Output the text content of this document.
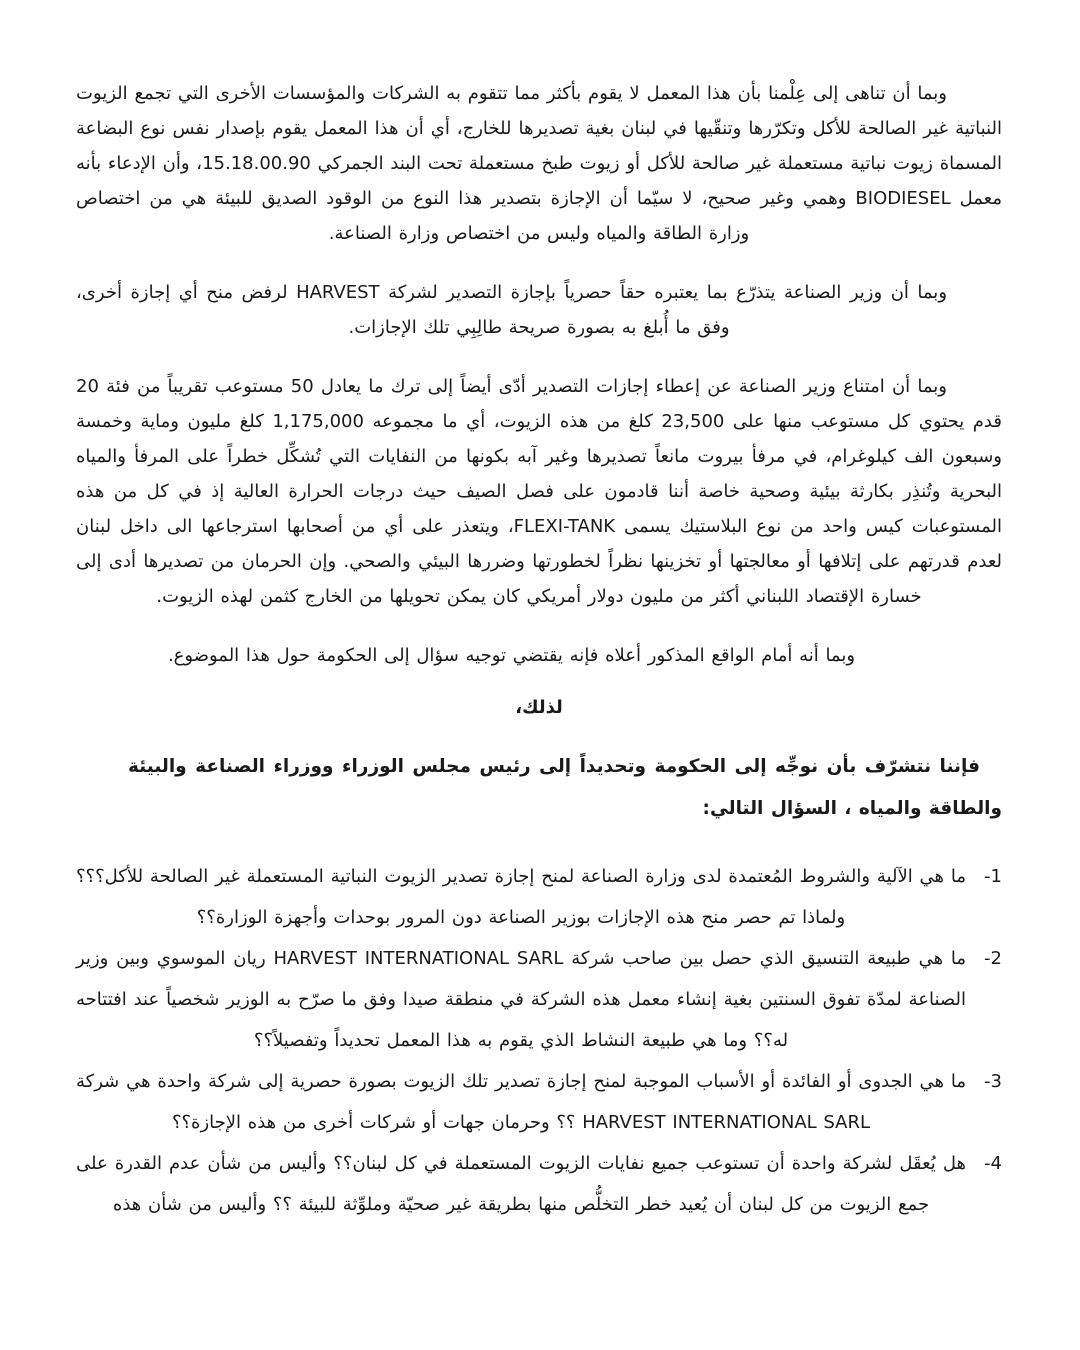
وبما أن تناهى إلى عِلْمنا بأن هذا المعمل لا يقوم بأكثر مما تتقوم به الشركات والمؤسسات الأخرى التي تجمع الزيوت النباتية غير الصالحة للأكل وتكرّرها وتنقّيها في لبنان بغية تصديرها للخارج، أي أن هذا المعمل يقوم بإصدار نفس نوع البضاعة المسماة زيوت نباتية مستعملة غير صالحة للأكل أو زيوت طبخ مستعملة تحت البند الجمركي 15.18.00.90، وأن الإدعاء بأنه معمل BIODIESEL وهمي وغير صحيح، لا سيّما أن الإجازة بتصدير هذا النوع من الوقود الصديق للبيئة هي من اختصاص وزارة الطاقة والمياه وليس من اختصاص وزارة الصناعة.

وبما أن وزير الصناعة يتذرّع بما يعتبره حقاً حصرياً بإجازة التصدير لشركة HARVEST لرفض منح أي إجازة أخرى، وفق ما أُبلغ به بصورة صريحة طالِبِي تلك الإجازات.

وبما أن امتناع وزير الصناعة عن إعطاء إجازات التصدير أدّى أيضاً إلى ترك ما يعادل 50 مستوعب تقريباً من فئة 20 قدم يحتوي كل مستوعب منها على 23,500 كلغ من هذه الزيوت، أي ما مجموعه 1,175,000 كلغ مليون وماية وخمسة وسبعون الف كيلوغرام، في مرفأ بيروت مانعاً تصديرها وغير آبه بكونها من النفايات التي تُشكِّل خطراً على المرفأ والمياه البحرية وتُنذِر بكارثة بيئية وصحية خاصة أننا قادمون على فصل الصيف حيث درجات الحرارة العالية إذ في كل من هذه المستوعبات كيس واحد من نوع البلاستيك يسمى FLEXI-TANK، ويتعذر على أي من أصحابها استرجاعها الى داخل لبنان لعدم قدرتهم على إتلافها أو معالجتها أو تخزينها نظراً لخطورتها وضررها البيئي والصحي. وإن الحرمان من تصديرها أدى إلى خسارة الإقتصاد اللبناني أكثر من مليون دولار أمريكي كان يمكن تحويلها من الخارج كثمن لهذه الزيوت.

وبما أنه أمام الواقع المذكور أعلاه فإنه يقتضي توجيه سؤال إلى الحكومة حول هذا الموضوع.

لذلك،

فإننا نتشرّف بأن نوجِّه إلى الحكومة وتحديداً إلى رئيس مجلس الوزراء ووزراء الصناعة والبيئة والطاقة والمياه ، السؤال التالي:

1-
ما هي الآلية والشروط المُعتمدة لدى وزارة الصناعة لمنح إجازة تصدير الزيوت النباتية المستعملة غير الصالحة للأكل؟؟؟ ولماذا تم حصر منح هذه الإجازات بوزير الصناعة دون المرور بوحدات وأجهزة الوزارة؟؟
2-
ما هي طبيعة التنسيق الذي حصل بين صاحب شركة HARVEST INTERNATIONAL SARL ريان الموسوي وبين وزير الصناعة لمدّة تفوق السنتين بغية إنشاء معمل هذه الشركة في منطقة صيدا وفق ما صرّح به الوزير شخصياً عند افتتاحه له؟؟ وما هي طبيعة النشاط الذي يقوم به هذا المعمل تحديداً وتفصيلاً؟؟
3-
ما هي الجدوى أو الفائدة أو الأسباب الموجبة لمنح إجازة تصدير تلك الزيوت بصورة حصرية إلى شركة واحدة هي شركة HARVEST INTERNATIONAL SARL ؟؟ وحرمان جهات أو شركات أخرى من هذه الإجازة؟؟
4-
هل يُعقَل لشركة واحدة أن تستوعب جميع نفايات الزيوت المستعملة في كل لبنان؟؟ وأليس من شأن عدم القدرة على جمع الزيوت من كل لبنان أن يُعيد خطر التخلُّص منها بطريقة غير صحيّة وملوِّثة للبيئة ؟؟ وأليس من شأن هذه
